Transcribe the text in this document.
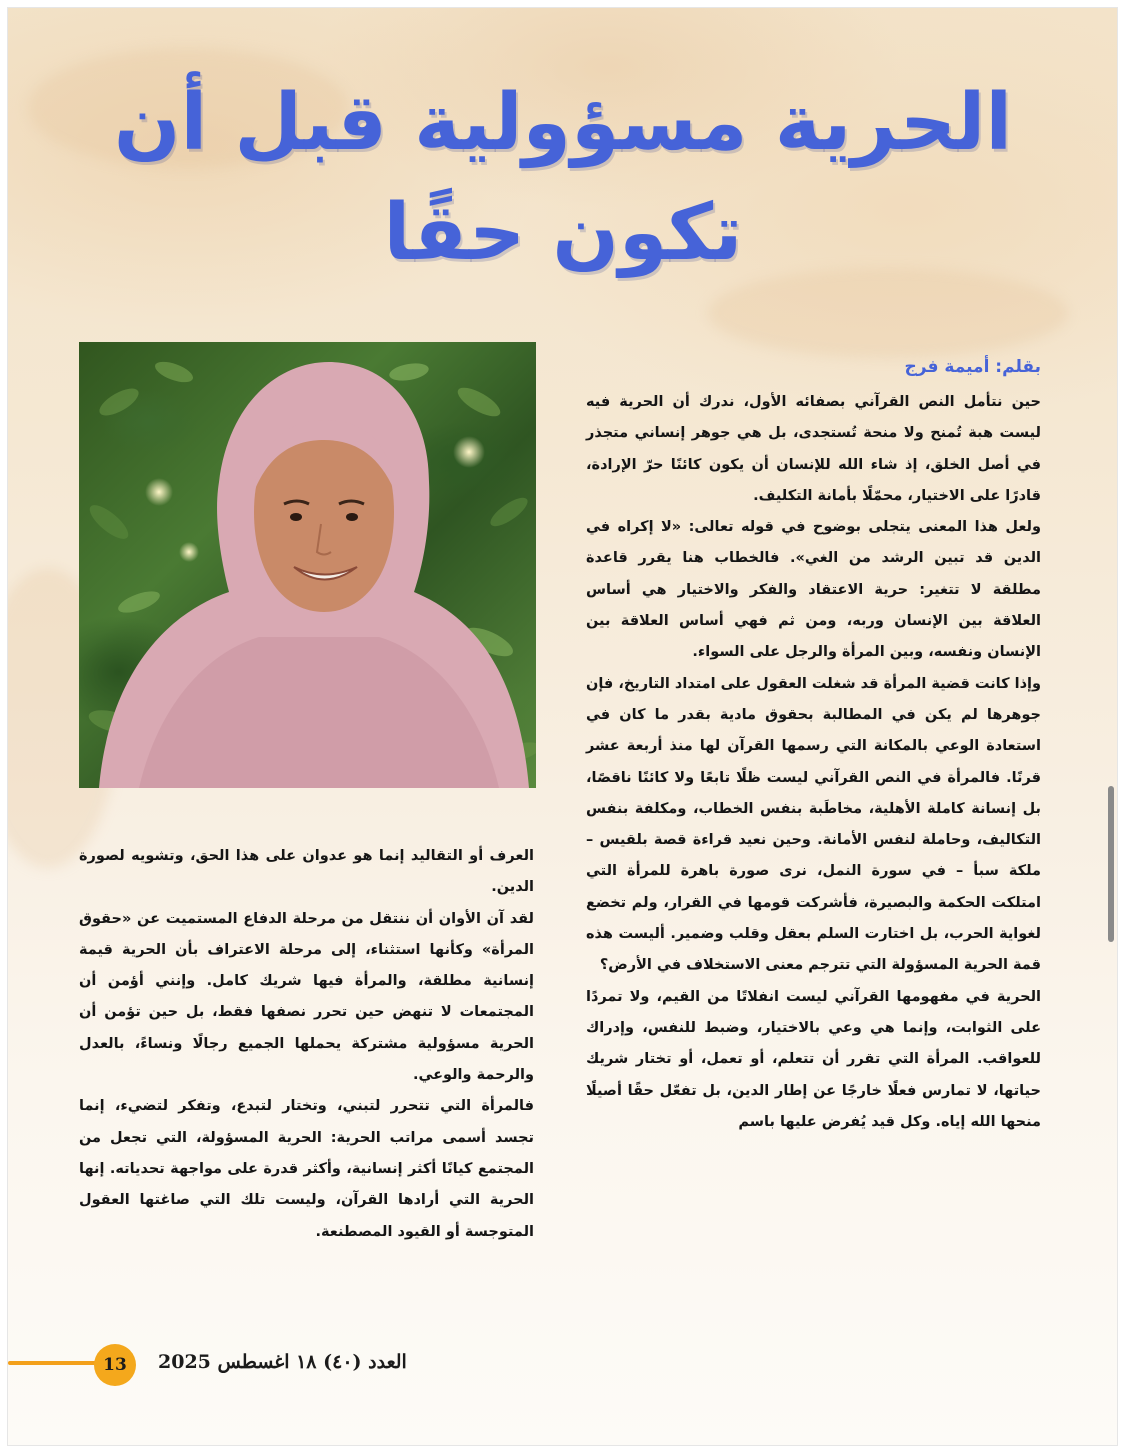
الحرية مسؤولية قبل أن
تكون حقًا

بقلم: أميمة فرج

حين نتأمل النص القرآني بصفائه الأول، ندرك أن الحرية فيه ليست هبة تُمنح ولا منحة تُستجدى، بل هي جوهر إنساني متجذر في أصل الخلق، إذ شاء الله للإنسان أن يكون كائنًا حرّ الإرادة، قادرًا على الاختيار، محمّلًا بأمانة التكليف.

ولعل هذا المعنى يتجلى بوضوح في قوله تعالى: «لا إكراه في الدين قد تبين الرشد من الغي». فالخطاب هنا يقرر قاعدة مطلقة لا تتغير: حرية الاعتقاد والفكر والاختيار هي أساس العلاقة بين الإنسان وربه، ومن ثم فهي أساس العلاقة بين الإنسان ونفسه، وبين المرأة والرجل على السواء.

وإذا كانت قضية المرأة قد شغلت العقول على امتداد التاريخ، فإن جوهرها لم يكن في المطالبة بحقوق مادية بقدر ما كان في استعادة الوعي بالمكانة التي رسمها القرآن لها منذ أربعة عشر قرنًا. فالمرأة في النص القرآني ليست ظلًا تابعًا ولا كائنًا ناقصًا، بل إنسانة كاملة الأهلية، مخاطَبة بنفس الخطاب، ومكلفة بنفس التكاليف، وحاملة لنفس الأمانة. وحين نعيد قراءة قصة بلقيس – ملكة سبأ – في سورة النمل، نرى صورة باهرة للمرأة التي امتلكت الحكمة والبصيرة، فأشركت قومها في القرار، ولم تخضع لغواية الحرب، بل اختارت السلم بعقل وقلب وضمير. أليست هذه قمة الحرية المسؤولة التي تترجم معنى الاستخلاف في الأرض؟

الحرية في مفهومها القرآني ليست انفلاتًا من القيم، ولا تمردًا على الثوابت، وإنما هي وعي بالاختيار، وضبط للنفس، وإدراك للعواقب. المرأة التي تقرر أن تتعلم، أو تعمل، أو تختار شريك حياتها، لا تمارس فعلًا خارجًا عن إطار الدين، بل تفعّل حقًا أصيلًا منحها الله إياه. وكل قيد يُفرض عليها باسم

العرف أو التقاليد إنما هو عدوان على هذا الحق، وتشويه لصورة الدين.

لقد آن الأوان أن ننتقل من مرحلة الدفاع المستميت عن «حقوق المرأة» وكأنها استثناء، إلى مرحلة الاعتراف بأن الحرية قيمة إنسانية مطلقة، والمرأة فيها شريك كامل. وإنني أؤمن أن المجتمعات لا تنهض حين تحرر نصفها فقط، بل حين تؤمن أن الحرية مسؤولية مشتركة يحملها الجميع رجالًا ونساءً، بالعدل والرحمة والوعي.

فالمرأة التي تتحرر لتبني، وتختار لتبدع، وتفكر لتضيء، إنما تجسد أسمى مراتب الحرية: الحرية المسؤولة، التي تجعل من المجتمع كيانًا أكثر إنسانية، وأكثر قدرة على مواجهة تحدياته. إنها الحرية التي أرادها القرآن، وليست تلك التي صاغتها العقول المتوجسة أو القيود المصطنعة.

13	العدد (٤٠) ١٨ اغسطس 2025
